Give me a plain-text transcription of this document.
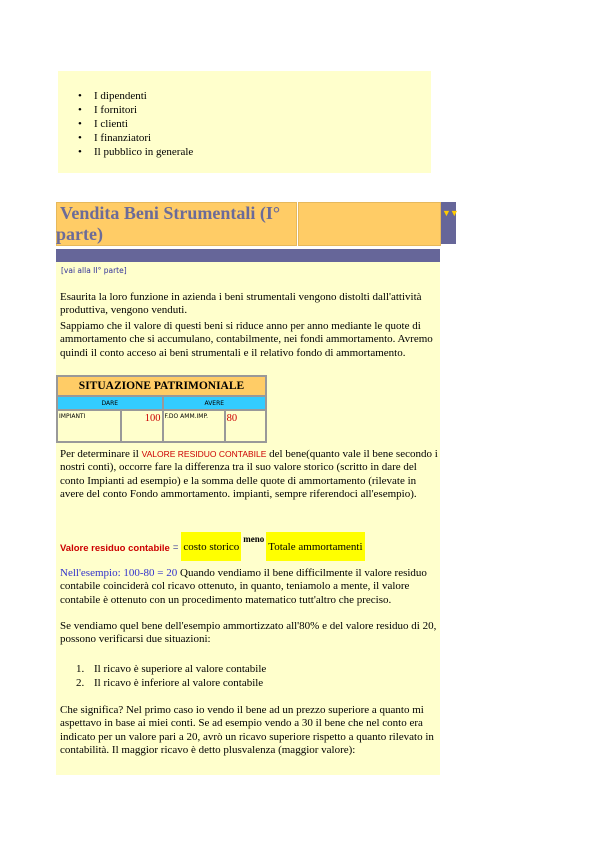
• I dipendenti
• I fornitori
• I clienti
• I finanziatori
• Il pubblico in generale
Vendita Beni Strumentali (I° parte)
▼▼
[vai alla II° parte]

Esaurita la loro funzione in azienda i beni strumentali vengono distolti dall'attività produttiva, vengono venduti.

Sappiamo che il valore di questi beni si riduce anno per anno mediante le quote di ammortamento che si accumulano, contabilmente, nei fondi ammortamento. Avremo quindi il conto acceso ai beni strumentali e il relativo fondo di ammortamento.

Per determinare il VALORE RESIDUO CONTABILE del bene(quanto vale il bene secondo i nostri conti), occorre fare la differenza tra il suo valore storico (scritto in dare del conto Impianti ad esempio) e la somma delle quote di ammortamento (rilevate in avere del conto Fondo ammortamento. impianti, sempre riferendoci all'esempio).

Nell'esempio: 100-80 = 20 Quando vendiamo il bene difficilmente il valore residuo contabile coinciderà col ricavo ottenuto, in quanto, teniamolo a mente, il valore contabile è ottenuto con un procedimento matematico tutt'altro che preciso.

Se vendiamo quel bene dell'esempio ammortizzato all'80% e del valore residuo di 20, possono verificarsi due situazioni:

Che significa? Nel primo caso io vendo il bene ad un prezzo superiore a quanto mi aspettavo in base ai miei conti. Se ad esempio vendo a 30 il bene che nel conto era indicato per un valore pari a 20, avrò un ricavo superiore rispetto a quanto rilevato in contabilità. Il maggior ricavo è detto plusvalenza (maggior valore):

SITUAZIONE PATRIMONIALE			
DARE		AVERE	
IMPIANTI	100	F.DO AMM.IMP.	80
Valore residuo contabile = costo storico
meno
Totale ammortamenti
1. Il ricavo è superiore al valore contabile
2. Il ricavo è inferiore al valore contabile
